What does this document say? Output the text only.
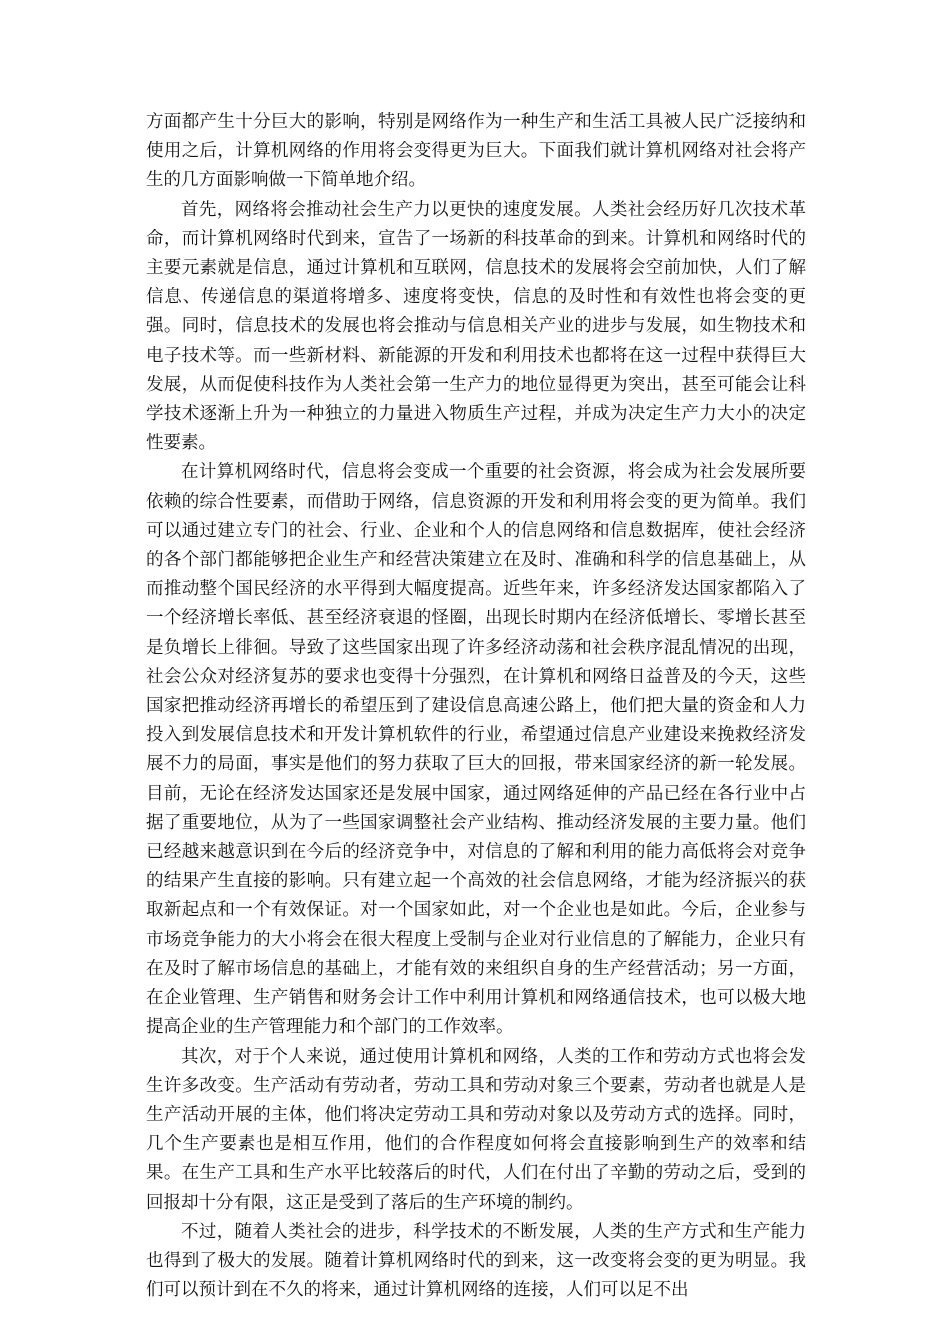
方面都产生十分巨大的影响，特别是网络作为一种生产和生活工具被人民广泛接纳和使用之后，计算机网络的作用将会变得更为巨大。下面我们就计算机网络对社会将产生的几方面影响做一下简单地介绍。

首先，网络将会推动社会生产力以更快的速度发展。人类社会经历好几次技术革命，而计算机网络时代到来，宣告了一场新的科技革命的到来。计算机和网络时代的主要元素就是信息，通过计算机和互联网，信息技术的发展将会空前加快，人们了解信息、传递信息的渠道将增多、速度将变快，信息的及时性和有效性也将会变的更强。同时，信息技术的发展也将会推动与信息相关产业的进步与发展，如生物技术和电子技术等。而一些新材料、新能源的开发和利用技术也都将在这一过程中获得巨大发展，从而促使科技作为人类社会第一生产力的地位显得更为突出，甚至可能会让科学技术逐渐上升为一种独立的力量进入物质生产过程，并成为决定生产力大小的决定性要素。

在计算机网络时代，信息将会变成一个重要的社会资源，将会成为社会发展所要依赖的综合性要素，而借助于网络，信息资源的开发和利用将会变的更为简单。我们可以通过建立专门的社会、行业、企业和个人的信息网络和信息数据库，使社会经济的各个部门都能够把企业生产和经营决策建立在及时、准确和科学的信息基础上，从而推动整个国民经济的水平得到大幅度提高。近些年来，许多经济发达国家都陷入了一个经济增长率低、甚至经济衰退的怪圈，出现长时期内在经济低增长、零增长甚至是负增长上徘徊。导致了这些国家出现了许多经济动荡和社会秩序混乱情况的出现，社会公众对经济复苏的要求也变得十分强烈，在计算机和网络日益普及的今天，这些国家把推动经济再增长的希望压到了建设信息高速公路上，他们把大量的资金和人力投入到发展信息技术和开发计算机软件的行业，希望通过信息产业建设来挽救经济发展不力的局面，事实是他们的努力获取了巨大的回报，带来国家经济的新一轮发展。目前，无论在经济发达国家还是发展中国家，通过网络延伸的产品已经在各行业中占据了重要地位，从为了一些国家调整社会产业结构、推动经济发展的主要力量。他们已经越来越意识到在今后的经济竞争中，对信息的了解和利用的能力高低将会对竞争的结果产生直接的影响。只有建立起一个高效的社会信息网络，才能为经济振兴的获取新起点和一个有效保证。对一个国家如此，对一个企业也是如此。今后，企业参与市场竞争能力的大小将会在很大程度上受制与企业对行业信息的了解能力，企业只有在及时了解市场信息的基础上，才能有效的来组织自身的生产经营活动；另一方面，在企业管理、生产销售和财务会计工作中利用计算机和网络通信技术，也可以极大地提高企业的生产管理能力和个部门的工作效率。

其次，对于个人来说，通过使用计算机和网络，人类的工作和劳动方式也将会发生许多改变。生产活动有劳动者，劳动工具和劳动对象三个要素，劳动者也就是人是生产活动开展的主体，他们将决定劳动工具和劳动对象以及劳动方式的选择。同时，几个生产要素也是相互作用，他们的合作程度如何将会直接影响到生产的效率和结果。在生产工具和生产水平比较落后的时代，人们在付出了辛勤的劳动之后，受到的回报却十分有限，这正是受到了落后的生产环境的制约。

不过，随着人类社会的进步，科学技术的不断发展，人类的生产方式和生产能力也得到了极大的发展。随着计算机网络时代的到来，这一改变将会变的更为明显。我们可以预计到在不久的将来，通过计算机网络的连接，人们可以足不出
